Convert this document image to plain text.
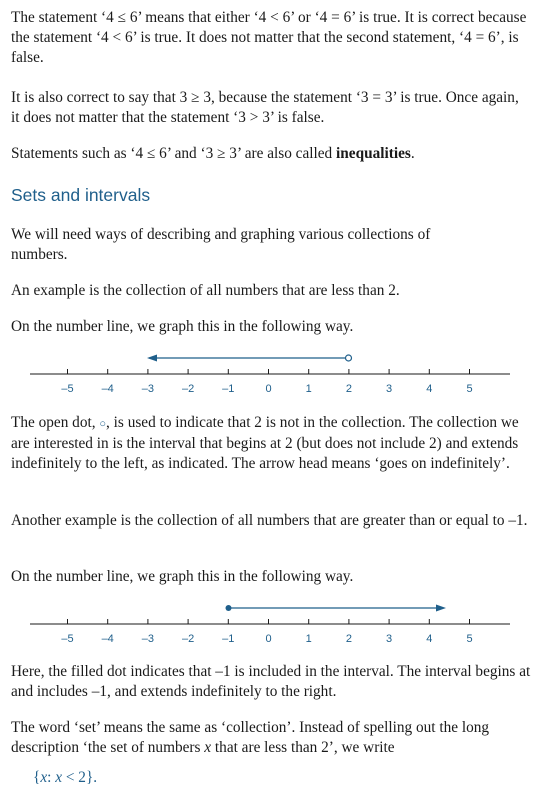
The statement ‘4 ≤ 6’ means that either ‘4 < 6’ or ‘4 = 6’ is true. It is correct because the statement ‘4 < 6’ is true. It does not matter that the second statement, ‘4 = 6’, is false.

It is also correct to say that 3 ≥ 3, because the statement ‘3 = 3’ is true. Once again, it does not matter that the statement ‘3 > 3’ is false.

Statements such as ‘4 ≤ 6’ and ‘3 ≥ 3’ are also called inequalities.

Sets and intervals

We will need ways of describing and graphing various collections of numbers.

An example is the collection of all numbers that are less than 2.

On the number line, we graph this in the following way.

–5	–4	–3	–2	–1	0	1	2	3	4	5

The open dot, ○, is used to indicate that 2 is not in the collection. The collection we are interested in is the interval that begins at 2 (but does not include 2) and extends indefinitely to the left, as indicated. The arrow head means ‘goes on indefinitely’.

Another example is the collection of all numbers that are greater than or equal to –1.

On the number line, we graph this in the following way.

–5	–4	–3	–2	–1	0	1	2	3	4	5

Here, the filled dot indicates that –1 is included in the interval. The interval begins at and includes –1, and extends indefinitely to the right.

The word ‘set’ means the same as ‘collection’. Instead of spelling out the long description ‘the set of numbers x that are less than 2’, we write

{x: x < 2}.
